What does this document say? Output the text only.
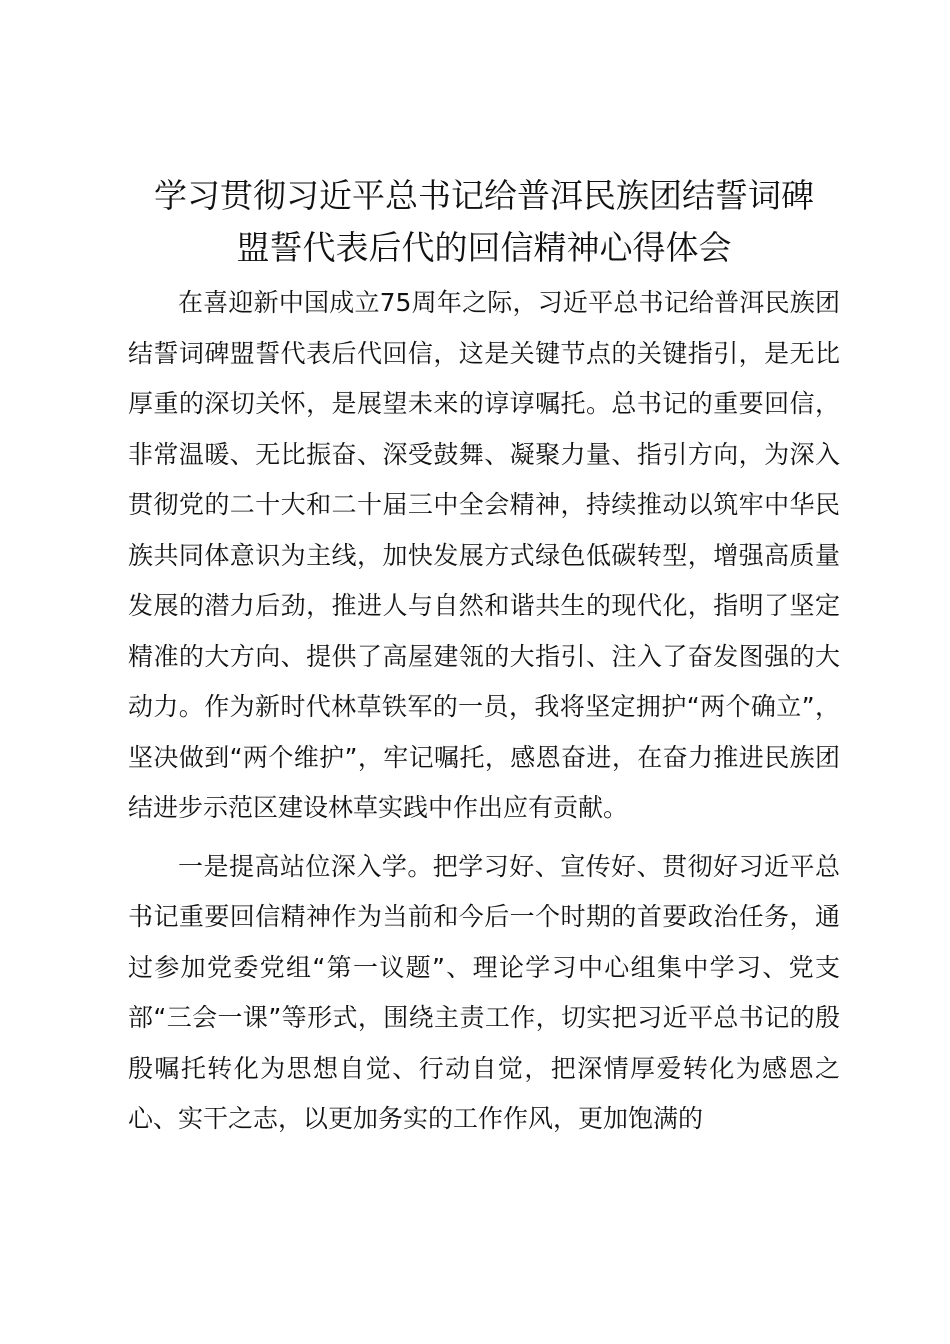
学习贯彻习近平总书记给普洱民族团结誓词碑
盟誓代表后代的回信精神心得体会

在喜迎新中国成立75周年之际，习近平总书记给普洱民族团结誓词碑盟誓代表后代回信，这是关键节点的关键指引，是无比厚重的深切关怀，是展望未来的谆谆嘱托。总书记的重要回信，非常温暖、无比振奋、深受鼓舞、凝聚力量、指引方向，为深入贯彻党的二十大和二十届三中全会精神，持续推动以筑牢中华民族共同体意识为主线，加快发展方式绿色低碳转型，增强高质量发展的潜力后劲，推进人与自然和谐共生的现代化，指明了坚定精准的大方向、提供了高屋建瓴的大指引、注入了奋发图强的大动力。作为新时代林草铁军的一员，我将坚定拥护“两个确立”，坚决做到“两个维护”，牢记嘱托，感恩奋进，在奋力推进民族团结进步示范区建设林草实践中作出应有贡献。

一是提高站位深入学。把学习好、宣传好、贯彻好习近平总书记重要回信精神作为当前和今后一个时期的首要政治任务，通过参加党委党组“第一议题”、理论学习中心组集中学习、党支部“三会一课”等形式，围绕主责工作，切实把习近平总书记的殷殷嘱托转化为思想自觉、行动自觉，把深情厚爱转化为感恩之心、实干之志，以更加务实的工作作风，更加饱满的
